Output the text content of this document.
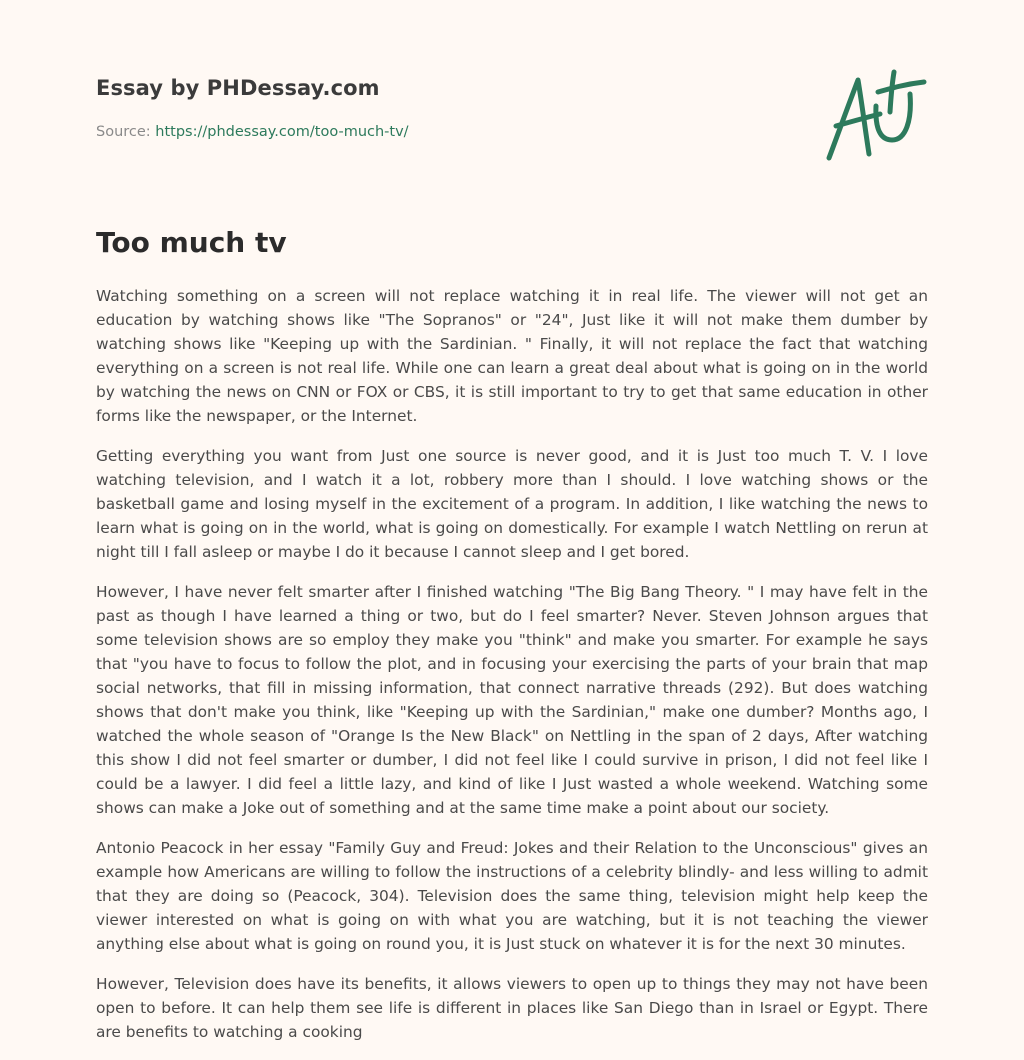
Essay by PHDessay.com
Source: https://phdessay.com/too-much-tv/
Too much tv

Watching something on a screen will not replace watching it in real life. The viewer will not get an education by watching shows like "The Sopranos" or "24", Just like it will not make them dumber by watching shows like "Keeping up with the Sardinian. " Finally, it will not replace the fact that watching everything on a screen is not real life. While one can learn a great deal about what is going on in the world by watching the news on CNN or FOX or CBS, it is still important to try to get that same education in other forms like the newspaper, or the Internet.

Getting everything you want from Just one source is never good, and it is Just too much T. V. I love watching television, and I watch it a lot, robbery more than I should. I love watching shows or the basketball game and losing myself in the excitement of a program. In addition, I like watching the news to learn what is going on in the world, what is going on domestically. For example I watch Nettling on rerun at night till I fall asleep or maybe I do it because I cannot sleep and I get bored.

However, I have never felt smarter after I finished watching "The Big Bang Theory. " I may have felt in the past as though I have learned a thing or two, but do I feel smarter? Never. Steven Johnson argues that some television shows are so employ they make you "think" and make you smarter. For example he says that "you have to focus to follow the plot, and in focusing your exercising the parts of your brain that map social networks, that fill in missing information, that connect narrative threads (292). But does watching shows that don't make you think, like "Keeping up with the Sardinian," make one dumber? Months ago, I watched the whole season of "Orange Is the New Black" on Nettling in the span of 2 days, After watching this show I did not feel smarter or dumber, I did not feel like I could survive in prison, I did not feel like I could be a lawyer. I did feel a little lazy, and kind of like I Just wasted a whole weekend. Watching some shows can make a Joke out of something and at the same time make a point about our society.

Antonio Peacock in her essay "Family Guy and Freud: Jokes and their Relation to the Unconscious" gives an example how Americans are willing to follow the instructions of a celebrity blindly- and less willing to admit that they are doing so (Peacock, 304). Television does the same thing, television might help keep the viewer interested on what is going on with what you are watching, but it is not teaching the viewer anything else about what is going on round you, it is Just stuck on whatever it is for the next 30 minutes.

However, Television does have its benefits, it allows viewers to open up to things they may not have been open to before. It can help them see life is different in places like San Diego than in Israel or Egypt. There are benefits to watching a cooking
